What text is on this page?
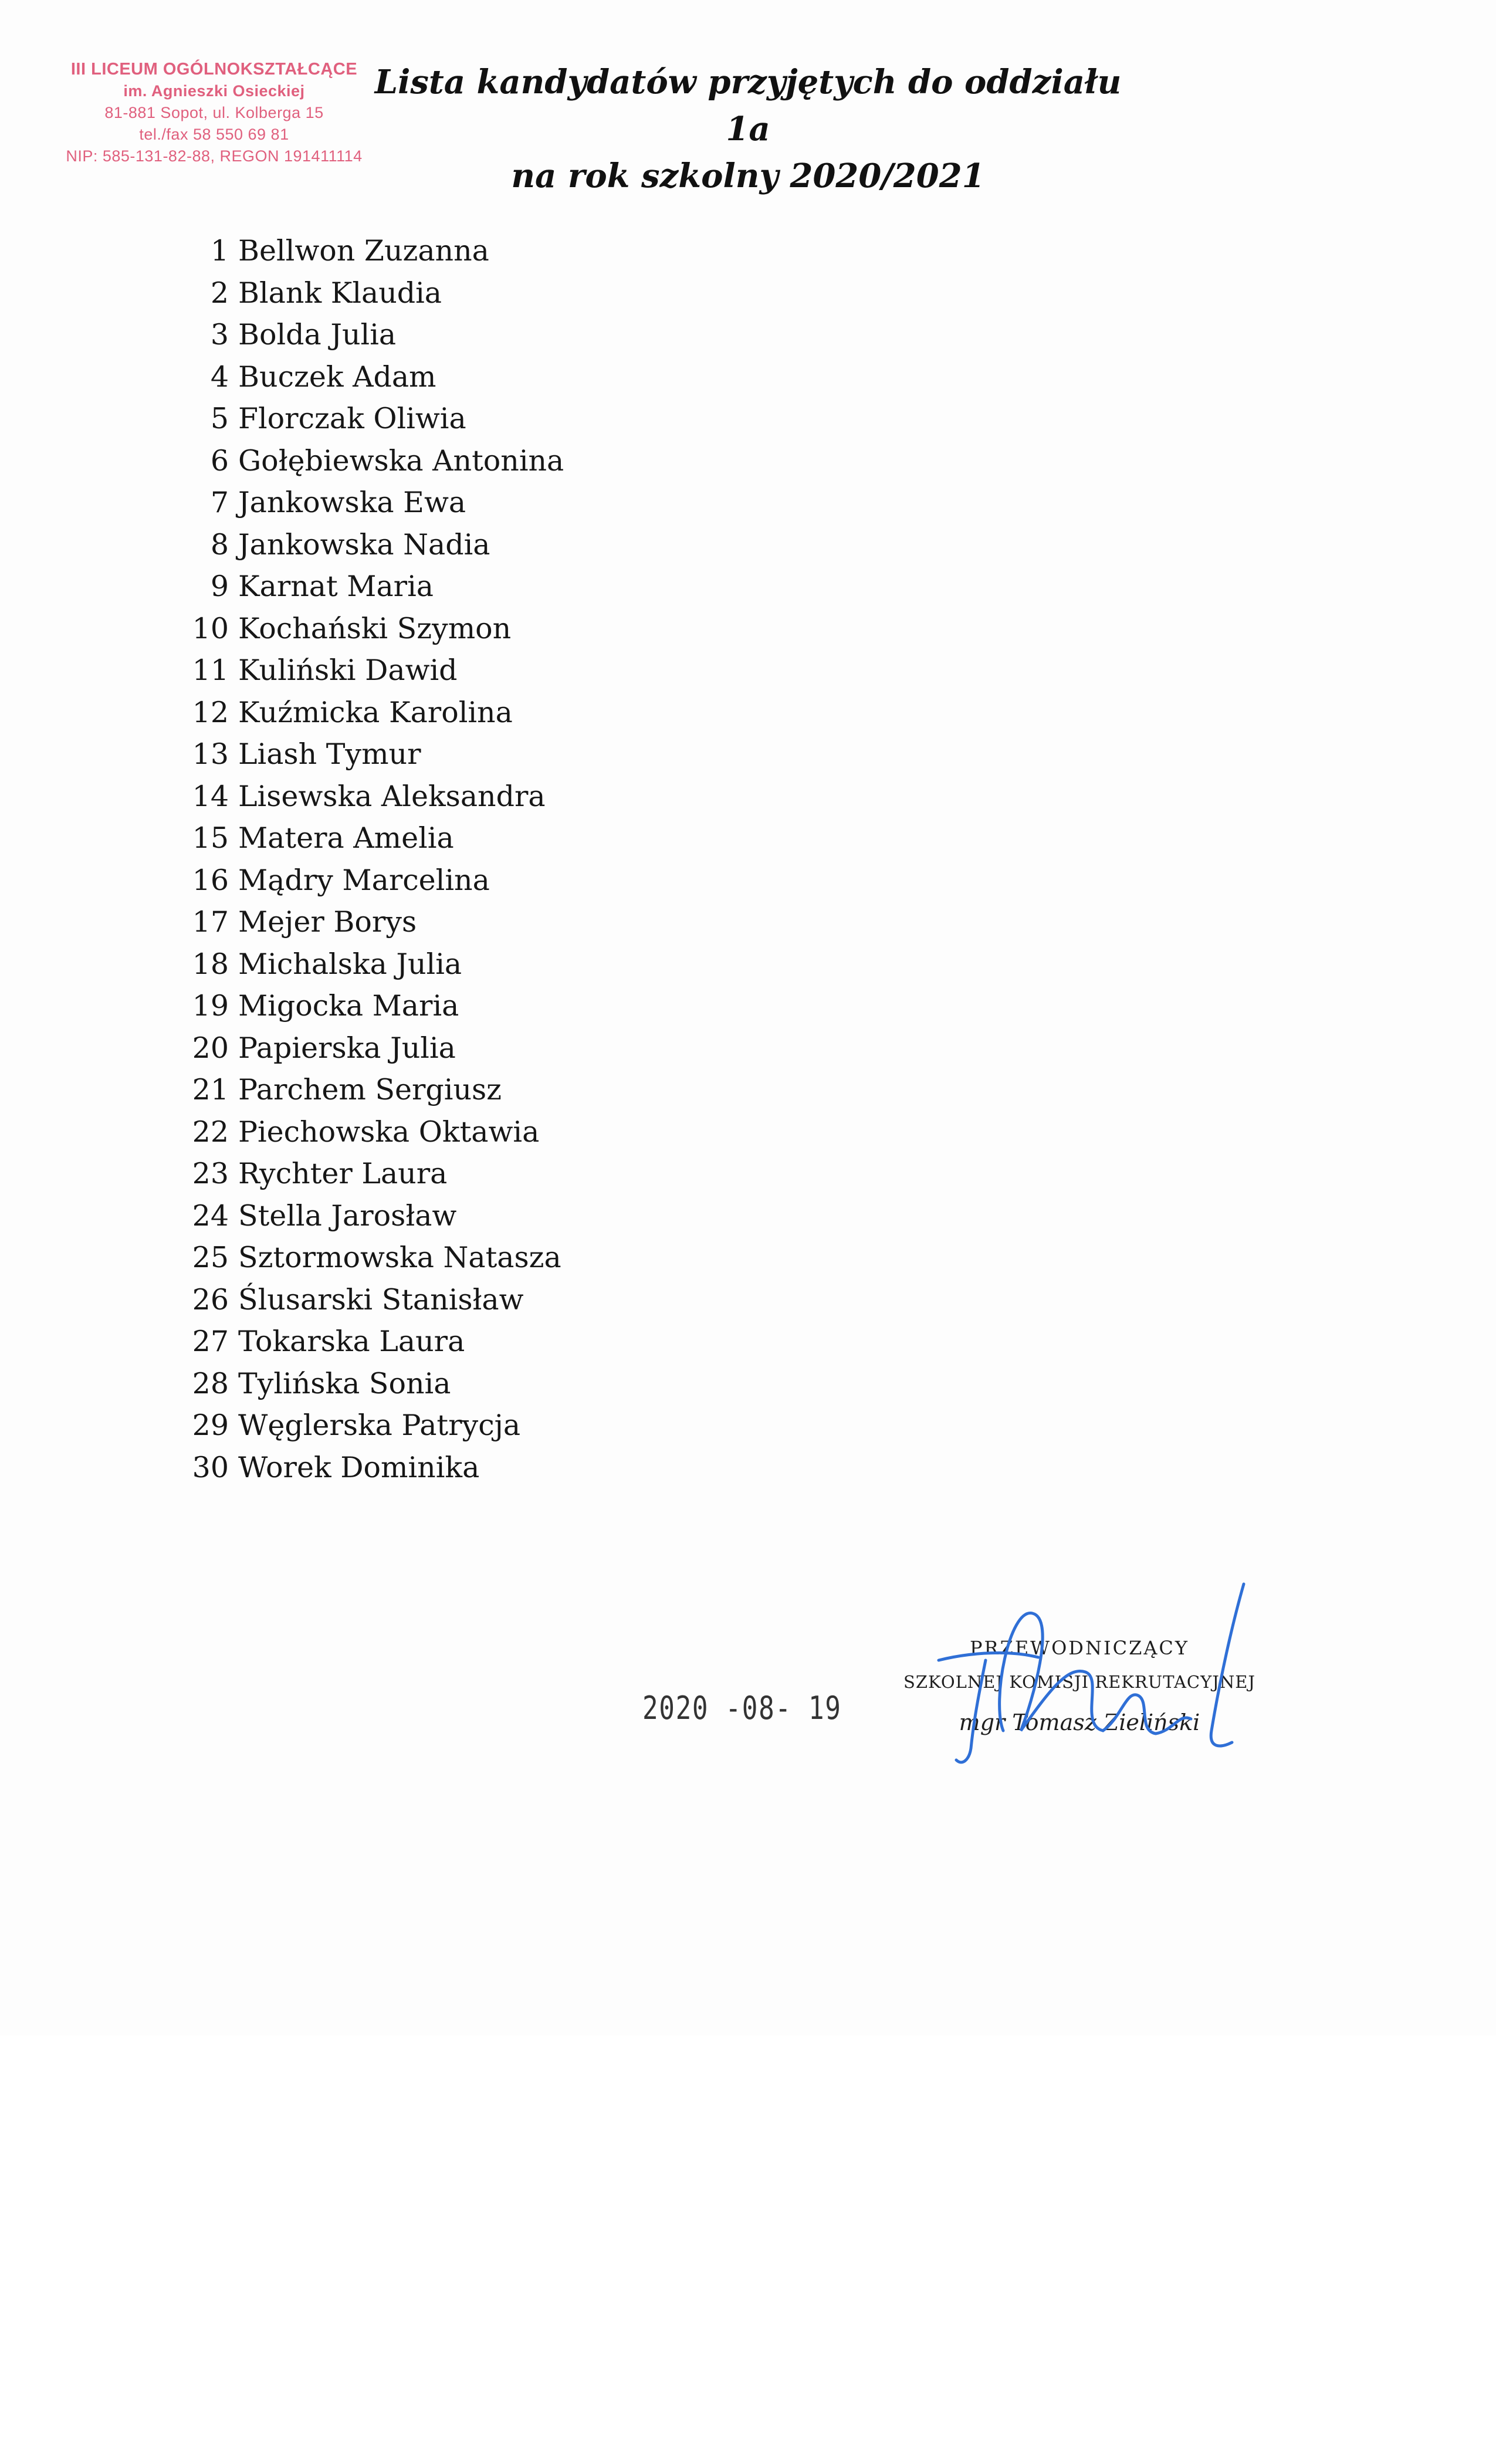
III LICEUM OGÓLNOKSZTAŁCĄCE
im. Agnieszki Osieckiej
81-881 Sopot, ul. Kolberga 15
tel./fax 58 550 69 81
NIP: 585-131-82-88, REGON 191411114
Lista kandydatów przyjętych do oddziału 1a
na rok szkolny 2020/2021
1 Bellwon Zuzanna
2 Blank Klaudia
3 Bolda Julia
4 Buczek Adam
5 Florczak Oliwia
6 Gołębiewska Antonina
7 Jankowska Ewa
8 Jankowska Nadia
9 Karnat Maria
10 Kochański Szymon
11 Kuliński Dawid
12 Kuźmicka Karolina
13 Liash Tymur
14 Lisewska Aleksandra
15 Matera Amelia
16 Mądry Marcelina
17 Mejer Borys
18 Michalska Julia
19 Migocka Maria
20 Papierska Julia
21 Parchem Sergiusz
22 Piechowska Oktawia
23 Rychter Laura
24 Stella Jarosław
25 Sztormowska Natasza
26 Ślusarski Stanisław
27 Tokarska Laura
28 Tylińska Sonia
29 Węglerska Patrycja
30 Worek Dominika
2020 -08- 19
PRZEWODNICZĄCY
SZKOLNEJ KOMISJI REKRUTACYJNEJ
mgr Tomasz Zieliński
